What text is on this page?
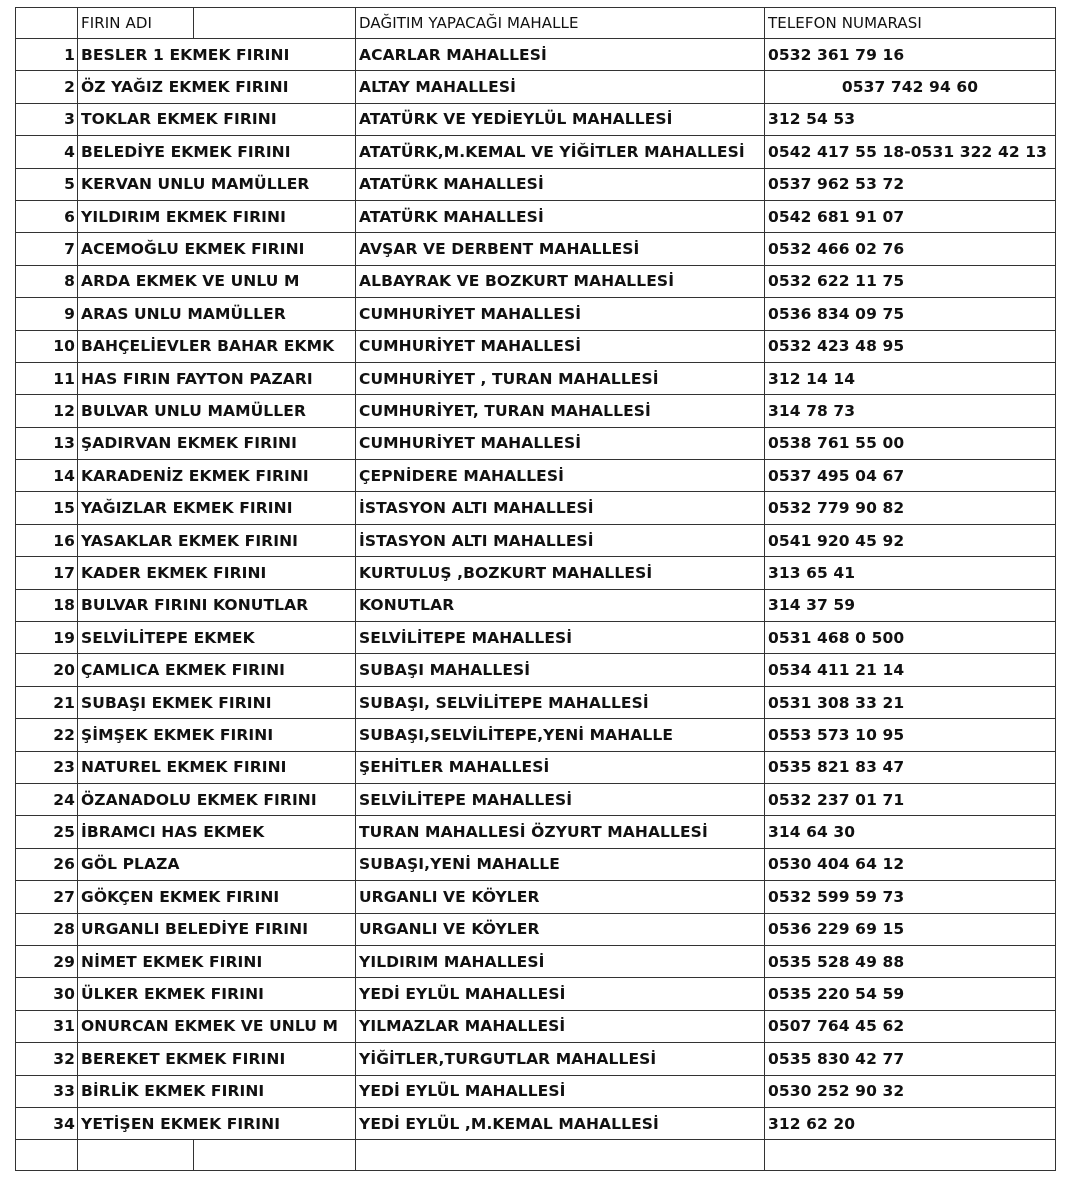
	FIRIN ADI		DAĞITIM YAPACAĞI MAHALLE	TELEFON NUMARASI
1	BESLER 1 EKMEK FIRINI		ACARLAR MAHALLESİ	0532 361 79 16
2	ÖZ YAĞIZ EKMEK FIRINI		ALTAY MAHALLESİ	0537 742 94 60
3	TOKLAR EKMEK FIRINI		ATATÜRK VE YEDİEYLÜL MAHALLESİ	312 54 53
4	BELEDİYE EKMEK FIRINI		ATATÜRK,M.KEMAL VE YİĞİTLER MAHALLESİ	0542 417 55 18-0531 322 42 13
5	KERVAN UNLU MAMÜLLER		ATATÜRK MAHALLESİ	0537 962 53 72
6	YILDIRIM EKMEK FIRINI		ATATÜRK MAHALLESİ	0542 681 91 07
7	ACEMOĞLU EKMEK FIRINI		AVŞAR VE DERBENT MAHALLESİ	0532 466 02 76
8	ARDA EKMEK VE UNLU M		ALBAYRAK VE BOZKURT MAHALLESİ	0532 622 11 75
9	ARAS UNLU MAMÜLLER		CUMHURİYET MAHALLESİ	0536 834 09 75
10	BAHÇELİEVLER BAHAR EKMK		CUMHURİYET MAHALLESİ	0532 423 48 95
11	HAS FIRIN FAYTON PAZARI		CUMHURİYET , TURAN MAHALLESİ	312 14 14
12	BULVAR UNLU MAMÜLLER		CUMHURİYET, TURAN MAHALLESİ	314 78 73
13	ŞADIRVAN EKMEK FIRINI		CUMHURİYET MAHALLESİ	0538 761 55 00
14	KARADENİZ EKMEK FIRINI		ÇEPNİDERE MAHALLESİ	0537 495 04 67
15	YAĞIZLAR EKMEK FIRINI		İSTASYON ALTI MAHALLESİ	0532 779 90 82
16	YASAKLAR EKMEK FIRINI		İSTASYON ALTI MAHALLESİ	0541 920 45 92
17	KADER EKMEK FIRINI		KURTULUŞ ,BOZKURT MAHALLESİ	313 65 41
18	BULVAR FIRINI KONUTLAR		KONUTLAR	314 37 59
19	SELVİLİTEPE EKMEK		SELVİLİTEPE MAHALLESİ	0531 468 0 500
20	ÇAMLICA EKMEK FIRINI		SUBAŞI MAHALLESİ	0534 411 21 14
21	SUBAŞI EKMEK FIRINI		SUBAŞI, SELVİLİTEPE MAHALLESİ	0531 308 33 21
22	ŞİMŞEK EKMEK FIRINI		SUBAŞI,SELVİLİTEPE,YENİ MAHALLE	0553 573 10 95
23	NATUREL EKMEK FIRINI		ŞEHİTLER MAHALLESİ	0535 821 83 47
24	ÖZANADOLU EKMEK FIRINI		SELVİLİTEPE MAHALLESİ	0532 237 01 71
25	İBRAMCI HAS EKMEK		TURAN MAHALLESİ ÖZYURT MAHALLESİ	314 64 30
26	GÖL PLAZA		SUBAŞI,YENİ MAHALLE	0530 404 64 12
27	GÖKÇEN EKMEK FIRINI		URGANLI VE KÖYLER	0532 599 59 73
28	URGANLI BELEDİYE FIRINI		URGANLI VE KÖYLER	0536 229 69 15
29	NİMET EKMEK FIRINI		YILDIRIM MAHALLESİ	0535 528 49 88
30	ÜLKER EKMEK FIRINI		YEDİ EYLÜL MAHALLESİ	0535 220 54 59
31	ONURCAN EKMEK VE UNLU M		YILMAZLAR MAHALLESİ	0507 764 45 62
32	BEREKET EKMEK FIRINI		YİĞİTLER,TURGUTLAR MAHALLESİ	0535 830 42 77
33	BİRLİK EKMEK FIRINI		YEDİ EYLÜL MAHALLESİ	0530 252 90 32
34	YETİŞEN EKMEK FIRINI		YEDİ EYLÜL ,M.KEMAL MAHALLESİ	312 62 20
